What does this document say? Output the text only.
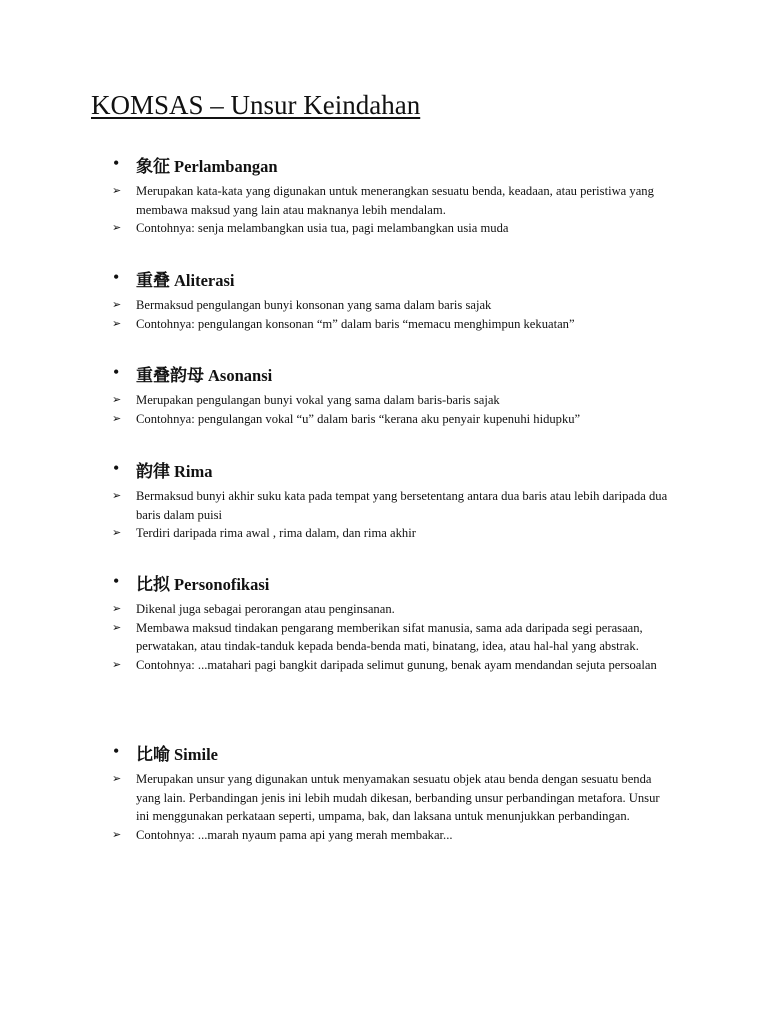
KOMSAS – Unsur Keindahan
• 象征 Perlambangan
➢ Merupakan kata-kata yang digunakan untuk menerangkan sesuatu benda, keadaan, atau peristiwa yang membawa maksud yang lain atau maknanya lebih mendalam.
➢ Contohnya: senja melambangkan usia tua, pagi melambangkan usia muda
• 重叠 Aliterasi
➢ Bermaksud pengulangan bunyi konsonan yang sama dalam baris sajak
➢ Contohnya: pengulangan konsonan “m” dalam baris “memacu menghimpun kekuatan”
• 重叠韵母 Asonansi
➢ Merupakan pengulangan bunyi vokal yang sama dalam baris-baris sajak
➢ Contohnya: pengulangan vokal “u” dalam baris “kerana aku penyair kupenuhi hidupku”
• 韵律 Rima
➢ Bermaksud bunyi akhir suku kata pada tempat yang bersetentang antara dua baris atau lebih daripada dua baris dalam puisi
➢ Terdiri daripada rima awal , rima dalam, dan rima akhir
• 比拟 Personofikasi
➢ Dikenal juga sebagai perorangan atau penginsanan.
➢ Membawa maksud tindakan pengarang memberikan sifat manusia, sama ada daripada segi perasaan, perwatakan, atau tindak-tanduk kepada benda-benda mati, binatang, idea, atau hal-hal yang abstrak.
➢ Contohnya: ...matahari pagi bangkit daripada selimut gunung, benak ayam mendandan sejuta persoalan
• 比喻 Simile
➢ Merupakan unsur yang digunakan untuk menyamakan sesuatu objek atau benda dengan sesuatu benda yang lain. Perbandingan jenis ini lebih mudah dikesan, berbanding unsur perbandingan metafora. Unsur ini menggunakan perkataan seperti, umpama, bak, dan laksana untuk menunjukkan perbandingan.
➢ Contohnya: ...marah nyaum pama api yang merah membakar...
